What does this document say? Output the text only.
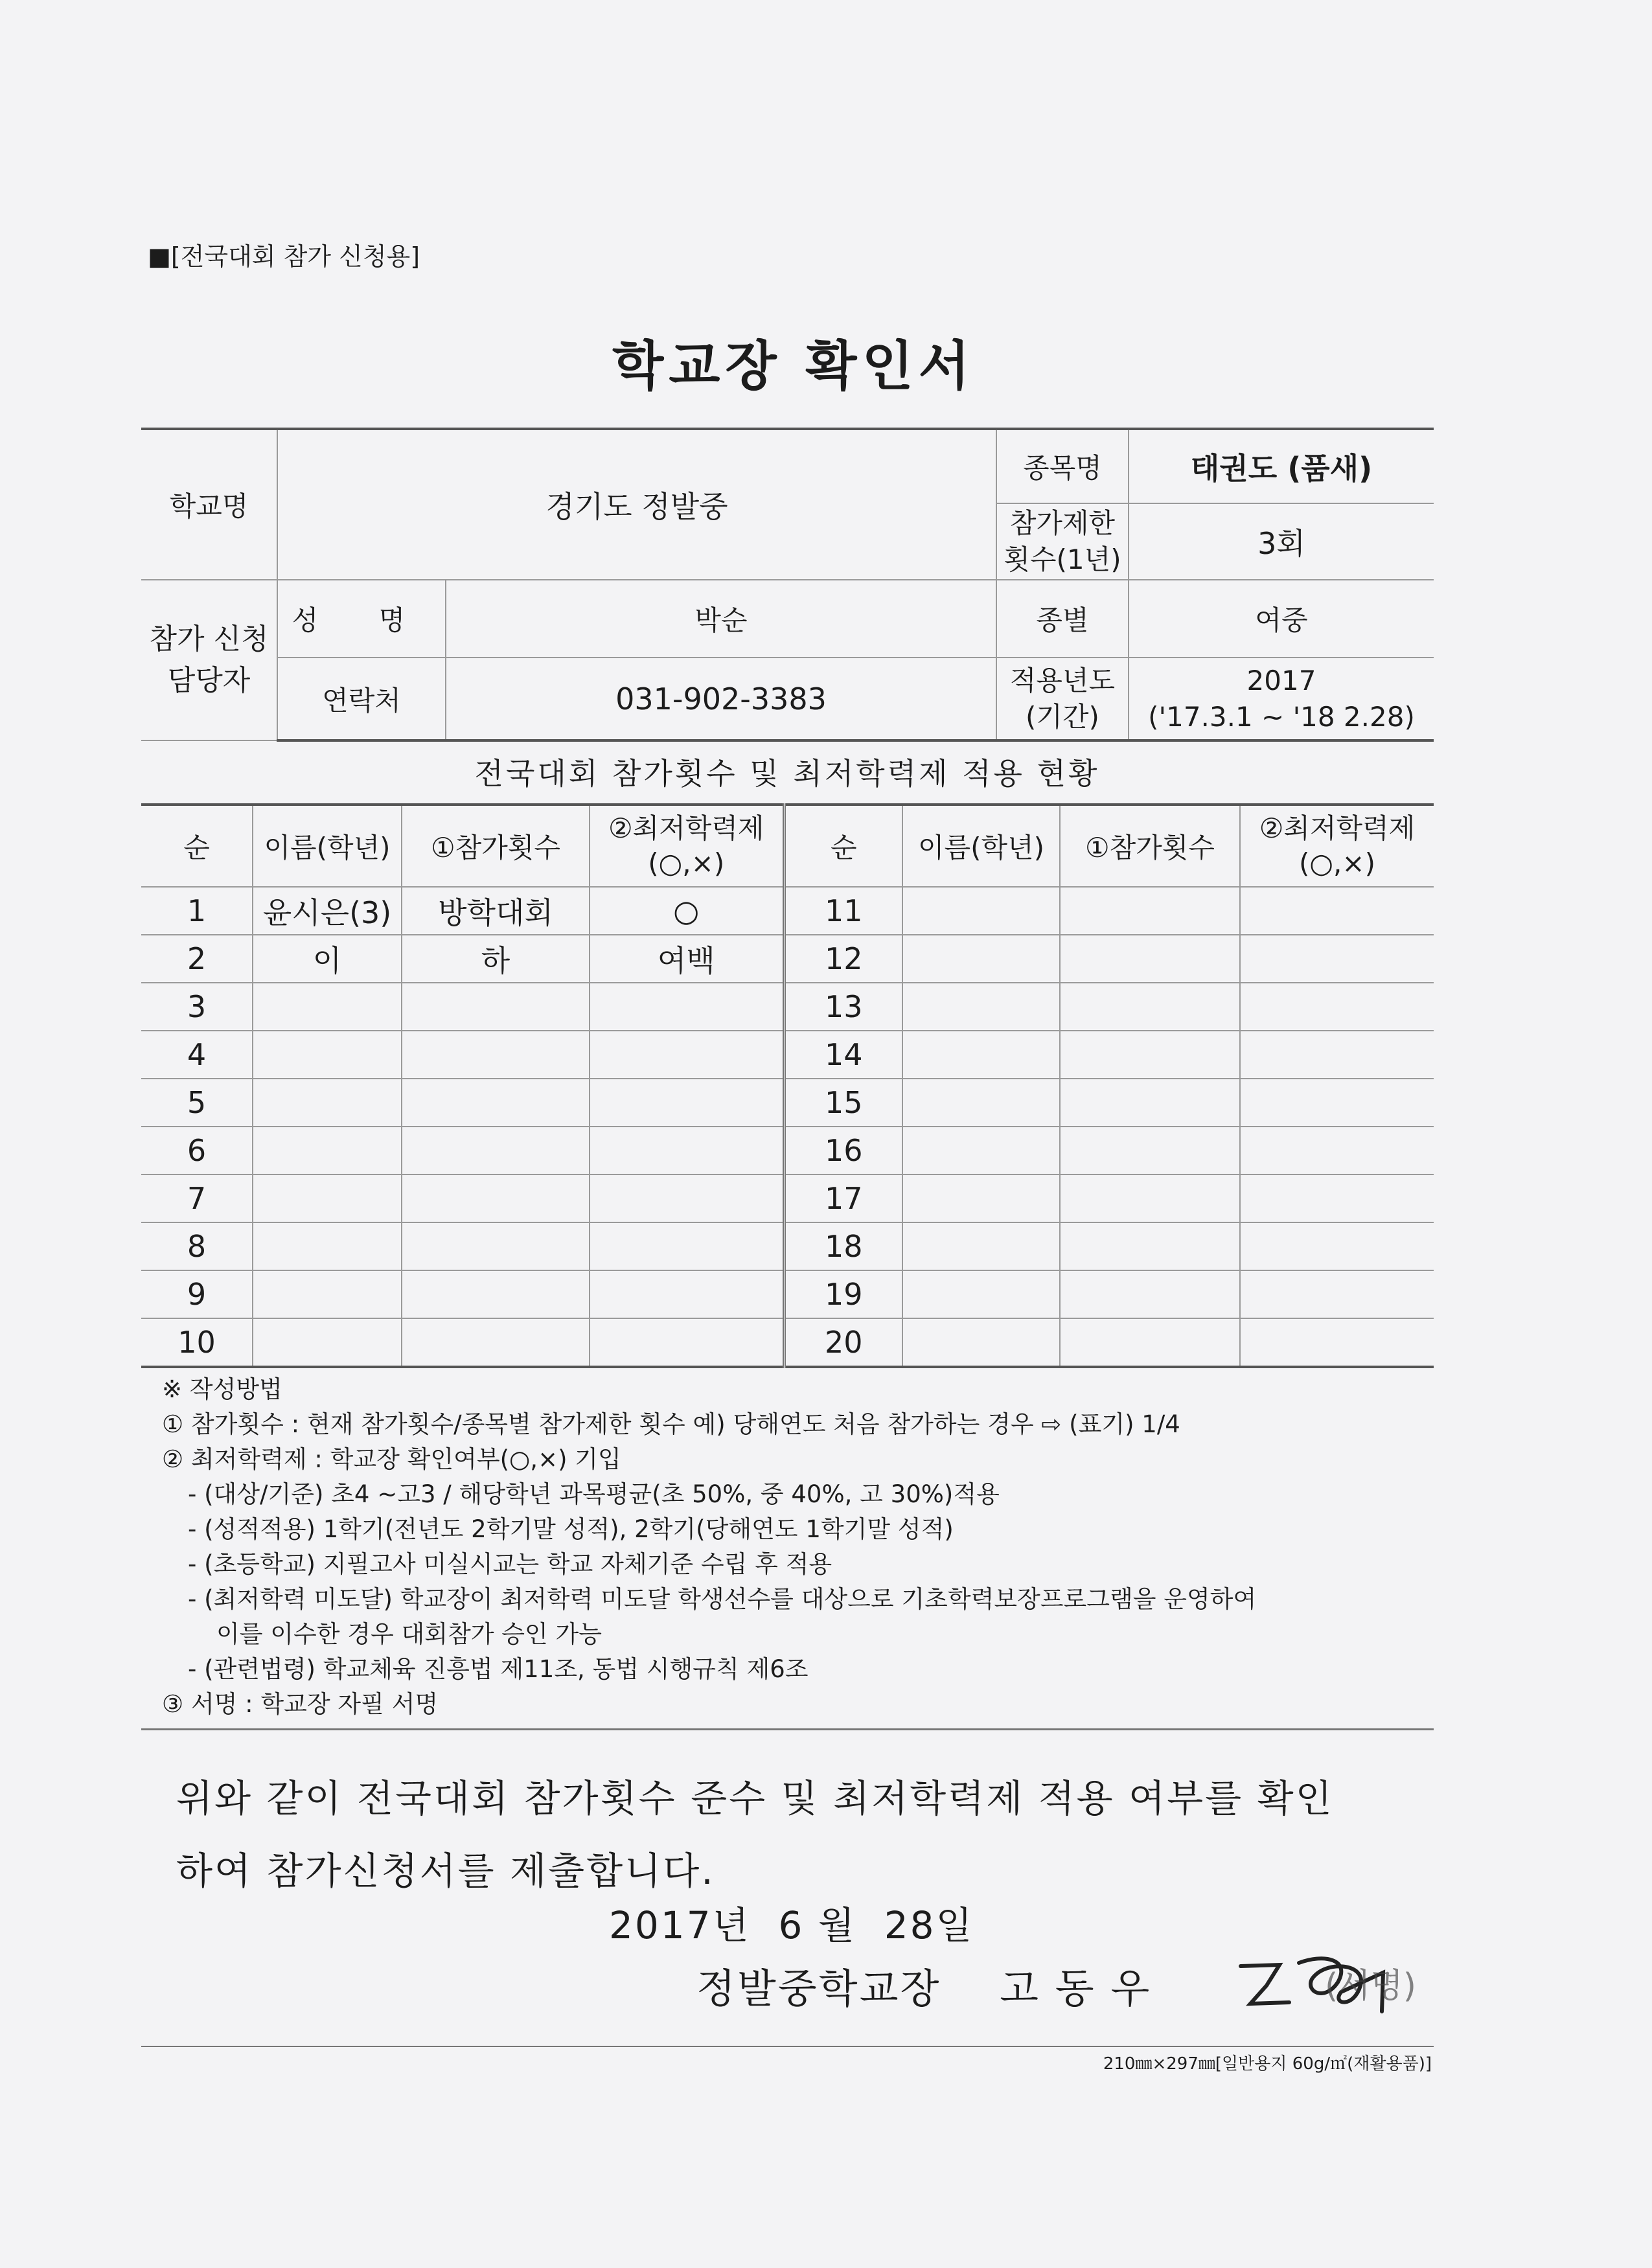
■[전국대회 참가 신청용]
학교장 확인서
학교명	경기도 정발중		종목명	태권도 (품새)
			참가제한 횟수(1년)	3회
참가 신청 담당자	성 명	박순	종별	여중
	연락처	031-902-3383	적용년도 (기간)	2017
('17.3.1 ~ '18 2.28)
전국대회 참가횟수 및 최저학력제 적용 현황
순	이름(학년)	①참가횟수	②최저학력제 (○,×)	순	이름(학년)	①참가횟수	②최저학력제 (○,×)
1	윤시은(3)	방학대회	○	11			
2	이	하	여백	12			
3				13			
4				14			
5				15			
6				16			
7				17			
8				18			
9				19			
10				20			
※ 작성방법
① 참가횟수 : 현재 참가횟수/종목별 참가제한 횟수 예) 당해연도 처음 참가하는 경우 ⇨ (표기) 1/4
② 최저학력제 : 학교장 확인여부(○,×) 기입
- (대상/기준) 초4 ~고3 / 해당학년 과목평균(초 50%, 중 40%, 고 30%)적용
- (성적적용) 1학기(전년도 2학기말 성적), 2학기(당해연도 1학기말 성적)
- (초등학교) 지필고사 미실시교는 학교 자체기준 수립 후 적용
- (최저학력 미도달) 학교장이 최저학력 미도달 학생선수를 대상으로 기초학력보장프로그램을 운영하여
이를 이수한 경우 대회참가 승인 가능
- (관련법령) 학교체육 진흥법 제11조, 동법 시행규칙 제6조
③ 서명 : 학교장 자필 서명
위와 같이 전국대회 참가횟수 준수 및 최저학력제 적용 여부를 확인
하여 참가신청서를 제출합니다.
2017년  6 월  28일
정발중학교장    고 동 우	(서명)
210㎜×297㎜[일반용지 60g/㎡(재활용품)]
